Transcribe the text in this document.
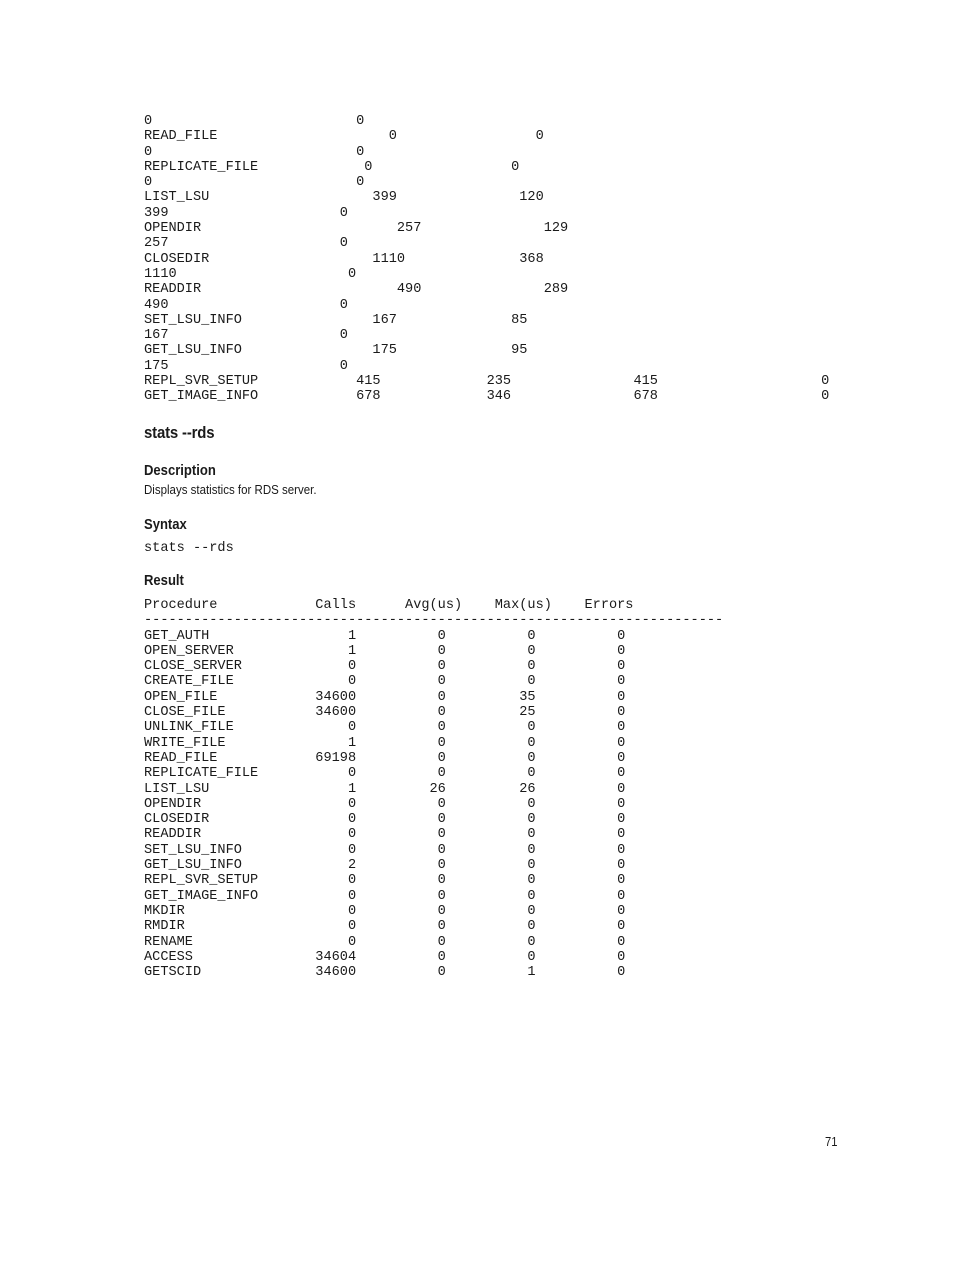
0                         0
READ_FILE                     0                 0
0                         0
REPLICATE_FILE             0                 0
0                         0
LIST_LSU                    399               120
399                     0
OPENDIR                        257               129
257                     0
CLOSEDIR                    1110              368
1110                     0
READDIR                        490               289
490                     0
SET_LSU_INFO                167              85
167                     0
GET_LSU_INFO                175              95
175                     0
REPL_SVR_SETUP            415             235               415                    0
GET_IMAGE_INFO            678             346               678                    0
stats --rds
Description
Displays statistics for RDS server.
Syntax
stats --rds
Result
Procedure            Calls      Avg(us)    Max(us)    Errors
-----------------------------------------------------------------------
GET_AUTH                 1          0          0          0
OPEN_SERVER              1          0          0          0
CLOSE_SERVER             0          0          0          0
CREATE_FILE              0          0          0          0
OPEN_FILE            34600          0         35          0
CLOSE_FILE           34600          0         25          0
UNLINK_FILE              0          0          0          0
WRITE_FILE               1          0          0          0
READ_FILE            69198          0          0          0
REPLICATE_FILE           0          0          0          0
LIST_LSU                 1         26         26          0
OPENDIR                  0          0          0          0
CLOSEDIR                 0          0          0          0
READDIR                  0          0          0          0
SET_LSU_INFO             0          0          0          0
GET_LSU_INFO             2          0          0          0
REPL_SVR_SETUP           0          0          0          0
GET_IMAGE_INFO           0          0          0          0
MKDIR                    0          0          0          0
RMDIR                    0          0          0          0
RENAME                   0          0          0          0
ACCESS               34604          0          0          0
GETSCID              34600          0          1          0
71
